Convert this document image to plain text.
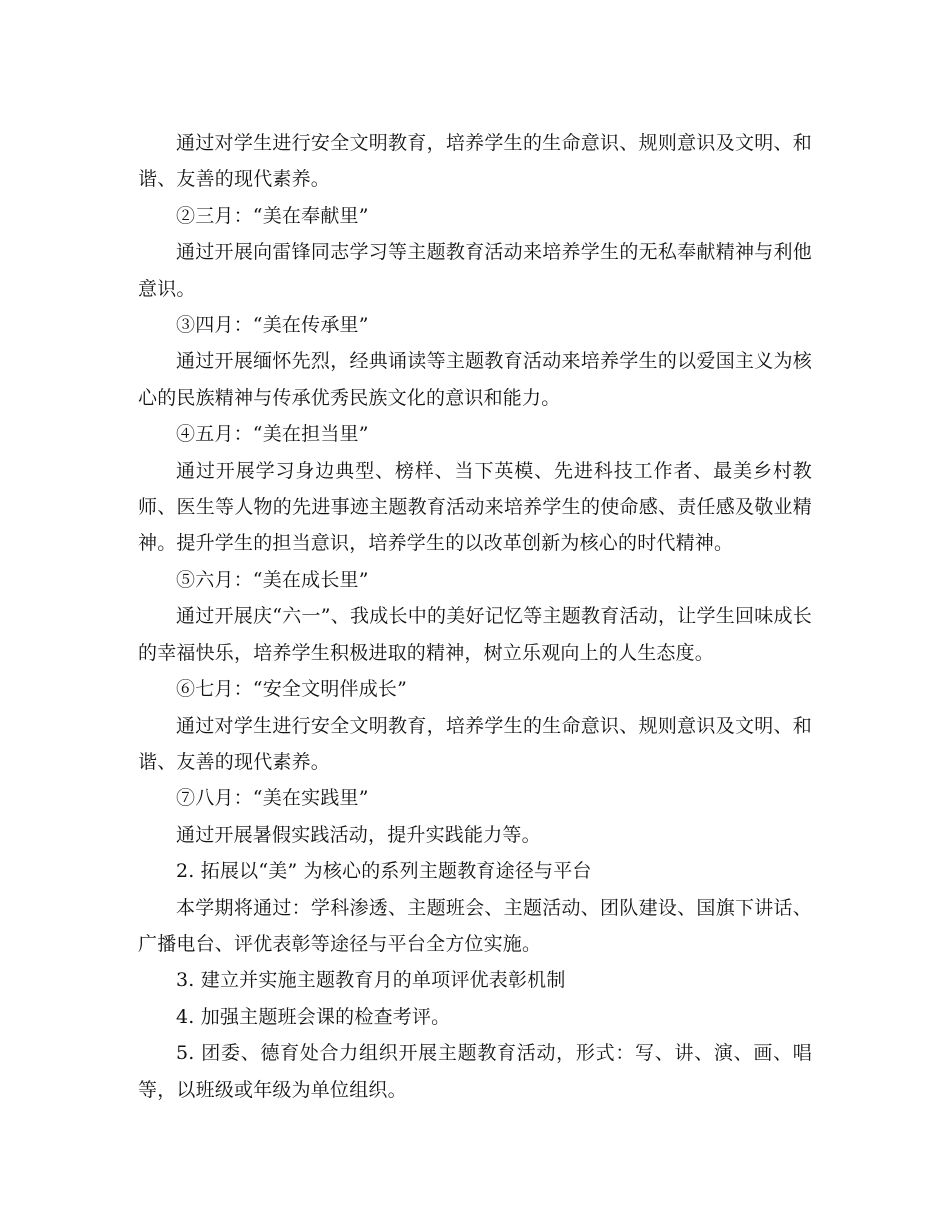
通过对学生进行安全文明教育，培养学生的生命意识、规则意识及文明、和谐、友善的现代素养。

②三月：“美在奉献里”

通过开展向雷锋同志学习等主题教育活动来培养学生的无私奉献精神与利他意识。

③四月：“美在传承里”

通过开展缅怀先烈，经典诵读等主题教育活动来培养学生的以爱国主义为核心的民族精神与传承优秀民族文化的意识和能力。

④五月：“美在担当里”

通过开展学习身边典型、榜样、当下英模、先进科技工作者、最美乡村教师、医生等人物的先进事迹主题教育活动来培养学生的使命感、责任感及敬业精神。提升学生的担当意识，培养学生的以改革创新为核心的时代精神。

⑤六月：“美在成长里”

通过开展庆“六一”、我成长中的美好记忆等主题教育活动，让学生回味成长的幸福快乐，培养学生积极进取的精神，树立乐观向上的人生态度。

⑥七月：“安全文明伴成长”

通过对学生进行安全文明教育，培养学生的生命意识、规则意识及文明、和谐、友善的现代素养。

⑦八月：“美在实践里”

通过开展暑假实践活动，提升实践能力等。

2. 拓展以“美” 为核心的系列主题教育途径与平台

本学期将通过：学科渗透、主题班会、主题活动、团队建设、国旗下讲话、广播电台、评优表彰等途径与平台全方位实施。

3. 建立并实施主题教育月的单项评优表彰机制

4. 加强主题班会课的检查考评。

5. 团委、德育处合力组织开展主题教育活动，形式：写、讲、演、画、唱等，以班级或年级为单位组织。
